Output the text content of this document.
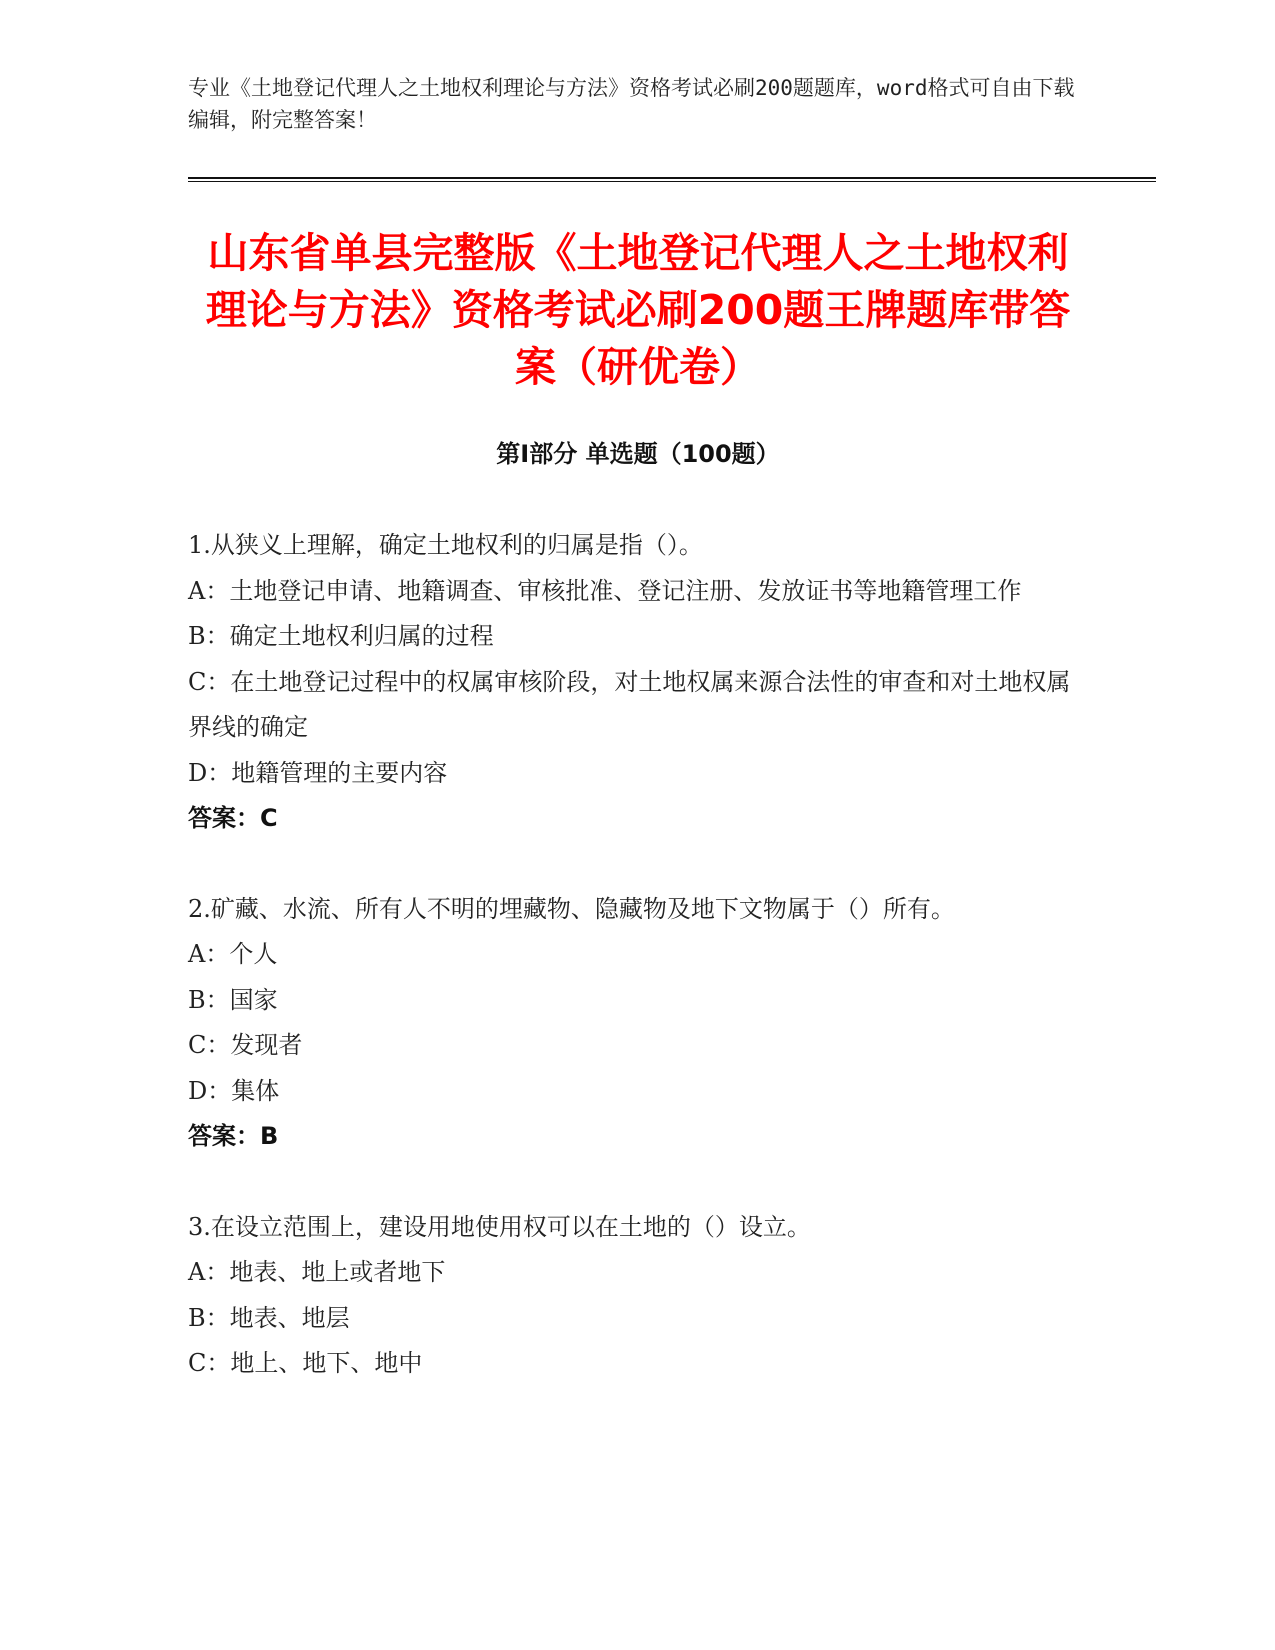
专业《土地登记代理人之土地权利理论与方法》资格考试必刷200题题库，word格式可自由下载编辑，附完整答案！
山东省单县完整版《土地登记代理人之土地权利理论与方法》资格考试必刷200题王牌题库带答案（研优卷）
第Ⅰ部分 单选题（100题）

1.从狭义上理解，确定土地权利的归属是指（）。

A：土地登记申请、地籍调查、审核批准、登记注册、发放证书等地籍管理工作

B：确定土地权利归属的过程

C：在土地登记过程中的权属审核阶段，对土地权属来源合法性的审查和对土地权属界线的确定

D：地籍管理的主要内容

答案：C

2.矿藏、水流、所有人不明的埋藏物、隐藏物及地下文物属于（）所有。

A：个人

B：国家

C：发现者

D：集体

答案：B

3.在设立范围上，建设用地使用权可以在土地的（）设立。

A：地表、地上或者地下

B：地表、地层

C：地上、地下、地中
